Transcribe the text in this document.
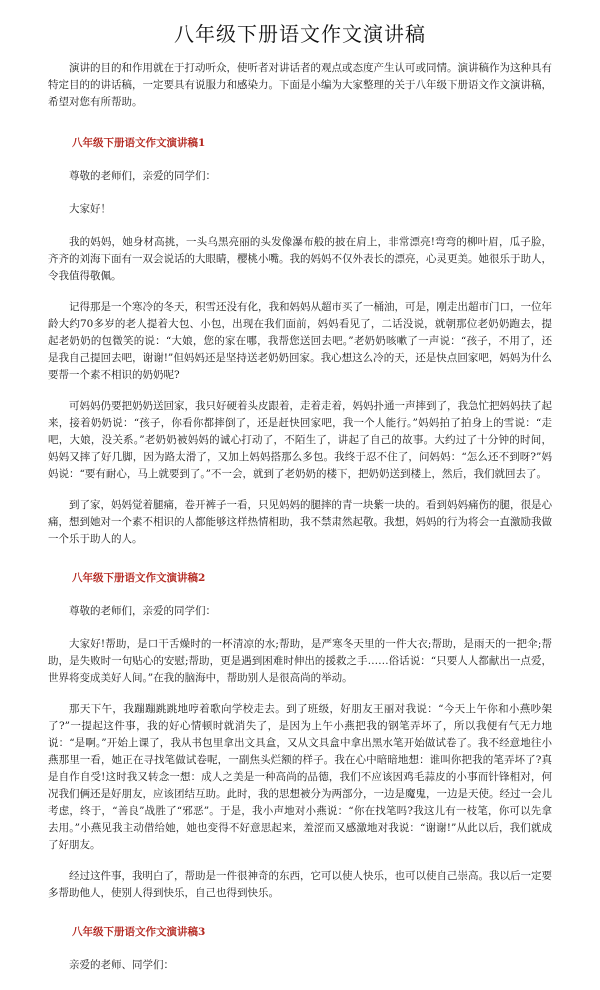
八年级下册语文作文演讲稿

演讲的目的和作用就在于打动听众，使听者对讲话者的观点或态度产生认可或同情。演讲稿作为这种具有特定目的的讲话稿，一定要具有说服力和感染力。下面是小编为大家整理的关于八年级下册语文作文演讲稿，希望对您有所帮助。

八年级下册语文作文演讲稿1

尊敬的老师们，亲爱的同学们：

大家好！

我的妈妈，她身材高挑，一头乌黑亮丽的头发像瀑布般的披在肩上，非常漂亮!弯弯的柳叶眉，瓜子脸，齐齐的刘海下面有一双会说话的大眼睛，樱桃小嘴。我的妈妈不仅外表长的漂亮，心灵更美。她很乐于助人，令我值得敬佩。

记得那是一个寒冷的冬天，积雪还没有化，我和妈妈从超市买了一桶油，可是，刚走出超市门口，一位年龄大约70多岁的老人提着大包、小包，出现在我们面前，妈妈看见了，二话没说，就朝那位老奶奶跑去，提起老奶奶的包微笑的说：“大娘，您的家在哪，我帮您送回去吧。”老奶奶咳嗽了一声说：“孩子，不用了，还是我自己提回去吧，谢谢!”但妈妈还是坚持送老奶奶回家。我心想这么冷的天，还是快点回家吧，妈妈为什么要帮一个素不相识的奶奶呢?

可妈妈仍要把奶奶送回家，我只好硬着头皮跟着，走着走着，妈妈扑通一声摔到了，我急忙把妈妈扶了起来，接着奶奶说：“孩子，你看你都摔倒了，还是赶快回家吧，我一个人能行。”妈妈拍了拍身上的雪说：“走吧，大娘，没关系。”老奶奶被妈妈的诚心打动了，不陌生了，讲起了自己的故事。大约过了十分钟的时间，妈妈又摔了好几脚，因为路太滑了，又加上妈妈搭那么多包。我终于忍不住了，问妈妈：“怎么还不到呀?”妈妈说：“要有耐心，马上就要到了。”不一会，就到了老奶奶的楼下，把奶奶送到楼上，然后，我们就回去了。

到了家，妈妈觉着腿痛，卷开裤子一看，只见妈妈的腿摔的青一块紫一块的。看到妈妈痛伤的腿，很是心痛，想到她对一个素不相识的人都能够这样热情相助，我不禁肃然起敬。我想，妈妈的行为将会一直激励我做一个乐于助人的人。

八年级下册语文作文演讲稿2

尊敬的老师们，亲爱的同学们：

大家好!帮助，是口干舌燥时的一杯清凉的水;帮助，是严寒冬天里的一件大衣;帮助，是雨天的一把伞;帮助，是失败时一句贴心的安慰;帮助，更是遇到困难时伸出的援救之手……俗话说：“只要人人都献出一点爱，世界将变成美好人间。”在我的脑海中，帮助别人是很高尚的举动。

那天下午，我蹦蹦跳跳地哼着歌向学校走去。到了班级，好朋友王丽对我说：“今天上午你和小燕吵架了?”一提起这件事，我的好心情顿时就消失了，是因为上午小燕把我的钢笔弄坏了，所以我便有气无力地说：“是啊。”开始上课了，我从书包里拿出文具盒，又从文具盒中拿出黑水笔开始做试卷了。我不经意地往小燕那里一看，她正在寻找笔做试卷呢，一副焦头烂额的样子。我在心中暗暗地想：谁叫你把我的笔弄坏了?真是自作自受!这时我又转念一想：成人之美是一种高尚的品德，我们不应该因鸡毛蒜皮的小事而针锋相对，何况我们俩还是好朋友，应该团结互助。此时，我的思想被分为两部分，一边是魔鬼，一边是天使。经过一会儿考虑，终于，“善良”战胜了“邪恶”。于是，我小声地对小燕说：“你在找笔吗?我这儿有一枝笔，你可以先拿去用。”小燕见我主动借给她，她也变得不好意思起来，羞涩而又感激地对我说：“谢谢!”从此以后，我们就成了好朋友。

经过这件事，我明白了，帮助是一件很神奇的东西，它可以使人快乐，也可以使自己崇高。我以后一定要多帮助他人，使别人得到快乐，自己也得到快乐。

八年级下册语文作文演讲稿3

亲爱的老师、同学们：
